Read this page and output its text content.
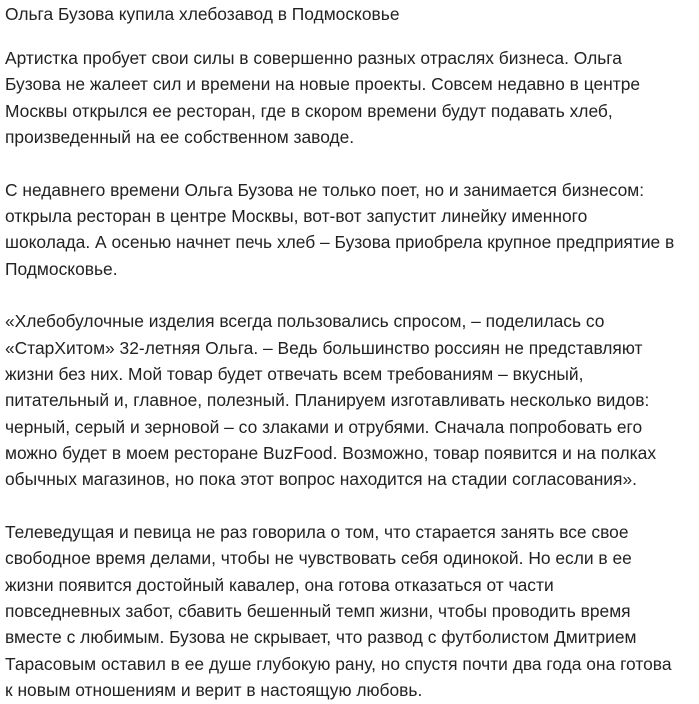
Ольга Бузова купила хлебозавод в Подмосковье
Артистка пробует свои силы в совершенно разных отраслях бизнеса. Ольга
Бузова не жалеет сил и времени на новые проекты. Совсем недавно в центре
Москвы открылся ее ресторан, где в скором времени будут подавать хлеб,
произведенный на ее собственном заводе.
С недавнего времени Ольга Бузова не только поет, но и занимается бизнесом:
открыла ресторан в центре Москвы, вот-вот запустит линейку именного
шоколада. А осенью начнет печь хлеб – Бузова приобрела крупное предприятие в
Подмосковье.
«Хлебобулочные изделия всегда пользовались спросом, – поделилась со
«СтарХитом» 32-летняя Ольга. – Ведь большинство россиян не представляют
жизни без них. Мой товар будет отвечать всем требованиям – вкусный,
питательный и, главное, полезный. Планируем изготавливать несколько видов:
черный, серый и зерновой – со злаками и отрубями. Сначала попробовать его
можно будет в моем ресторане BuzFood. Возможно, товар появится и на полках
обычных магазинов, но пока этот вопрос находится на стадии согласования».
Телеведущая и певица не раз говорила о том, что старается занять все свое
свободное время делами, чтобы не чувствовать себя одинокой. Но если в ее
жизни появится достойный кавалер, она готова отказаться от части
повседневных забот, сбавить бешенный темп жизни, чтобы проводить время
вместе с любимым. Бузова не скрывает, что развод с футболистом Дмитрием
Тарасовым оставил в ее душе глубокую рану, но спустя почти два года она готова
к новым отношениям и верит в настоящую любовь.
